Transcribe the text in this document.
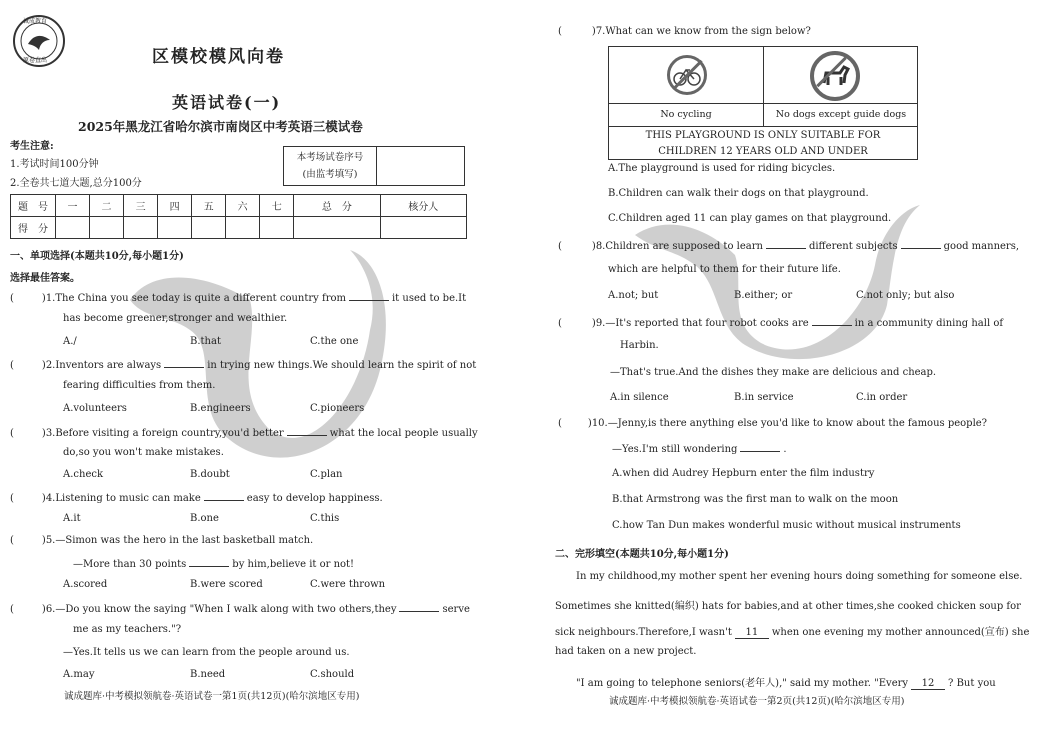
诚成教育
原卷直出	区模校模风向卷
英语试卷(一)
2025年黑龙江省哈尔滨市南岗区中考英语三模试卷
考生注意:
1.考试时间100分钟
2.全卷共七道大题,总分100分
本考场试卷序号
(由监考填写)	
题　号	一	二	三	四	五	六	七	总　分	核分人
得　分									
一、单项选择(本题共10分,每小题1分)
选择最佳答案。
(	)1.The China you see today is quite a different country from	it used to be.It
has become greener,stronger and wealthier.
A./	B.that	C.the one
(	)2.Inventors are always	in trying new things.We should learn the spirit of not
fearing difficulties from them.
A.volunteers	B.engineers	C.pioneers
(	)3.Before visiting a foreign country,you'd better	what the local people usually
do,so you won't make mistakes.
A.check	B.doubt	C.plan
(	)4.Listening to music can make	easy to develop happiness.
A.it	B.one	C.this
(	)5.—Simon was the hero in the last basketball match.
—More than 30 points	by him,believe it or not!
A.scored	B.were scored	C.were thrown
(	)6.—Do you know the saying "When I walk along with two others,they	serve
me as my teachers."?
—Yes.It tells us we can learn from the people around us.
A.may	B.need	C.should
诚成题库·中考模拟领航卷·英语试卷一第1页(共12页)(哈尔滨地区专用)
(	)7.What can we know from the sign below?
No cycling	No dogs except guide dogs
THIS PLAYGROUND IS ONLY SUITABLE FOR
CHILDREN 12 YEARS OLD AND UNDER
A.The playground is used for riding bicycles.
B.Children can walk their dogs on that playground.
C.Children aged 11 can play games on that playground.
(	)8.Children are supposed to learn	different subjects	good manners,
which are helpful to them for their future life.
A.not; but	B.either; or	C.not only; but also
(	)9.—It's reported that four robot cooks are	in a community dining hall of
Harbin.
—That's true.And the dishes they make are delicious and cheap.
A.in silence	B.in service	C.in order
(	)10.—Jenny,is there anything else you'd like to know about the famous people?
—Yes.I'm still wondering	.
A.when did Audrey Hepburn enter the film industry
B.that Armstrong was the first man to walk on the moon
C.how Tan Dun makes wonderful music without musical instruments
二、完形填空(本题共10分,每小题1分)
In my childhood,my mother spent her evening hours doing something for someone else.
Sometimes she knitted(编织) hats for babies,and at other times,she cooked chicken soup for
sick neighbours.Therefore,I wasn't 11 when one evening my mother announced(宣布) she
had taken on a new project.
"I am going to telephone seniors(老年人)," said my mother. "Every 12 ? But you
诚成题库·中考模拟领航卷·英语试卷一第2页(共12页)(哈尔滨地区专用)
